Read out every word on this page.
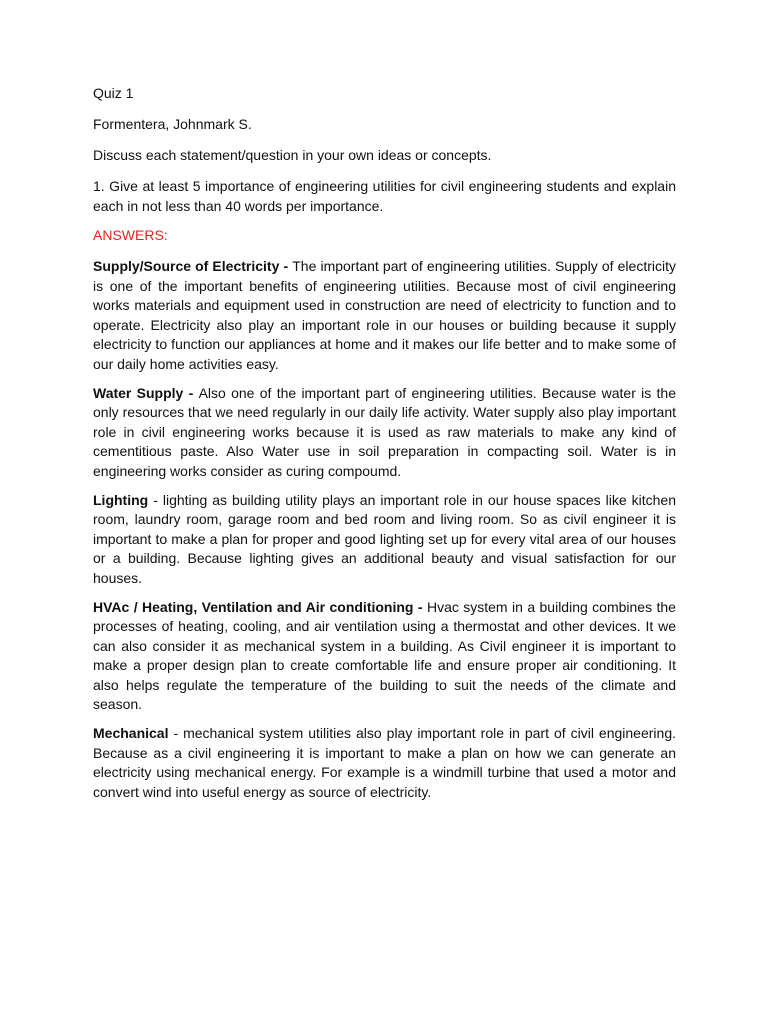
Quiz 1

Formentera, Johnmark S.

Discuss each statement/question in your own ideas or concepts.

1. Give at least 5 importance of engineering utilities for civil engineering students and explain each in not less than 40 words per importance.

ANSWERS:

Supply/Source of Electricity - The important part of engineering utilities. Supply of electricity is one of the important benefits of engineering utilities. Because most of civil engineering works materials and equipment used in construction are need of electricity to function and to operate. Electricity also play an important role in our houses or building because it supply electricity to function our appliances at home and it makes our life better and to make some of our daily home activities easy.

Water Supply - Also one of the important part of engineering utilities. Because water is the only resources that we need regularly in our daily life activity. Water supply also play important role in civil engineering works because it is used as raw materials to make any kind of cementitious paste. Also Water use in soil preparation in compacting soil. Water is in engineering works consider as curing compoumd.

Lighting - lighting as building utility plays an important role in our house spaces like kitchen room, laundry room, garage room and bed room and living room. So as civil engineer it is important to make a plan for proper and good lighting set up for every vital area of our houses or a building. Because lighting gives an additional beauty and visual satisfaction for our houses.

HVAc / Heating, Ventilation and Air conditioning - Hvac system in a building combines the processes of heating, cooling, and air ventilation using a thermostat and other devices. It we can also consider it as mechanical system in a building. As Civil engineer it is important to make a proper design plan to create comfortable life and ensure proper air conditioning. It also helps regulate the temperature of the building to suit the needs of the climate and season.

Mechanical - mechanical system utilities also play important role in part of civil engineering. Because as a civil engineering it is important to make a plan on how we can generate an electricity using mechanical energy. For example is a windmill turbine that used a motor and convert wind into useful energy as source of electricity.
